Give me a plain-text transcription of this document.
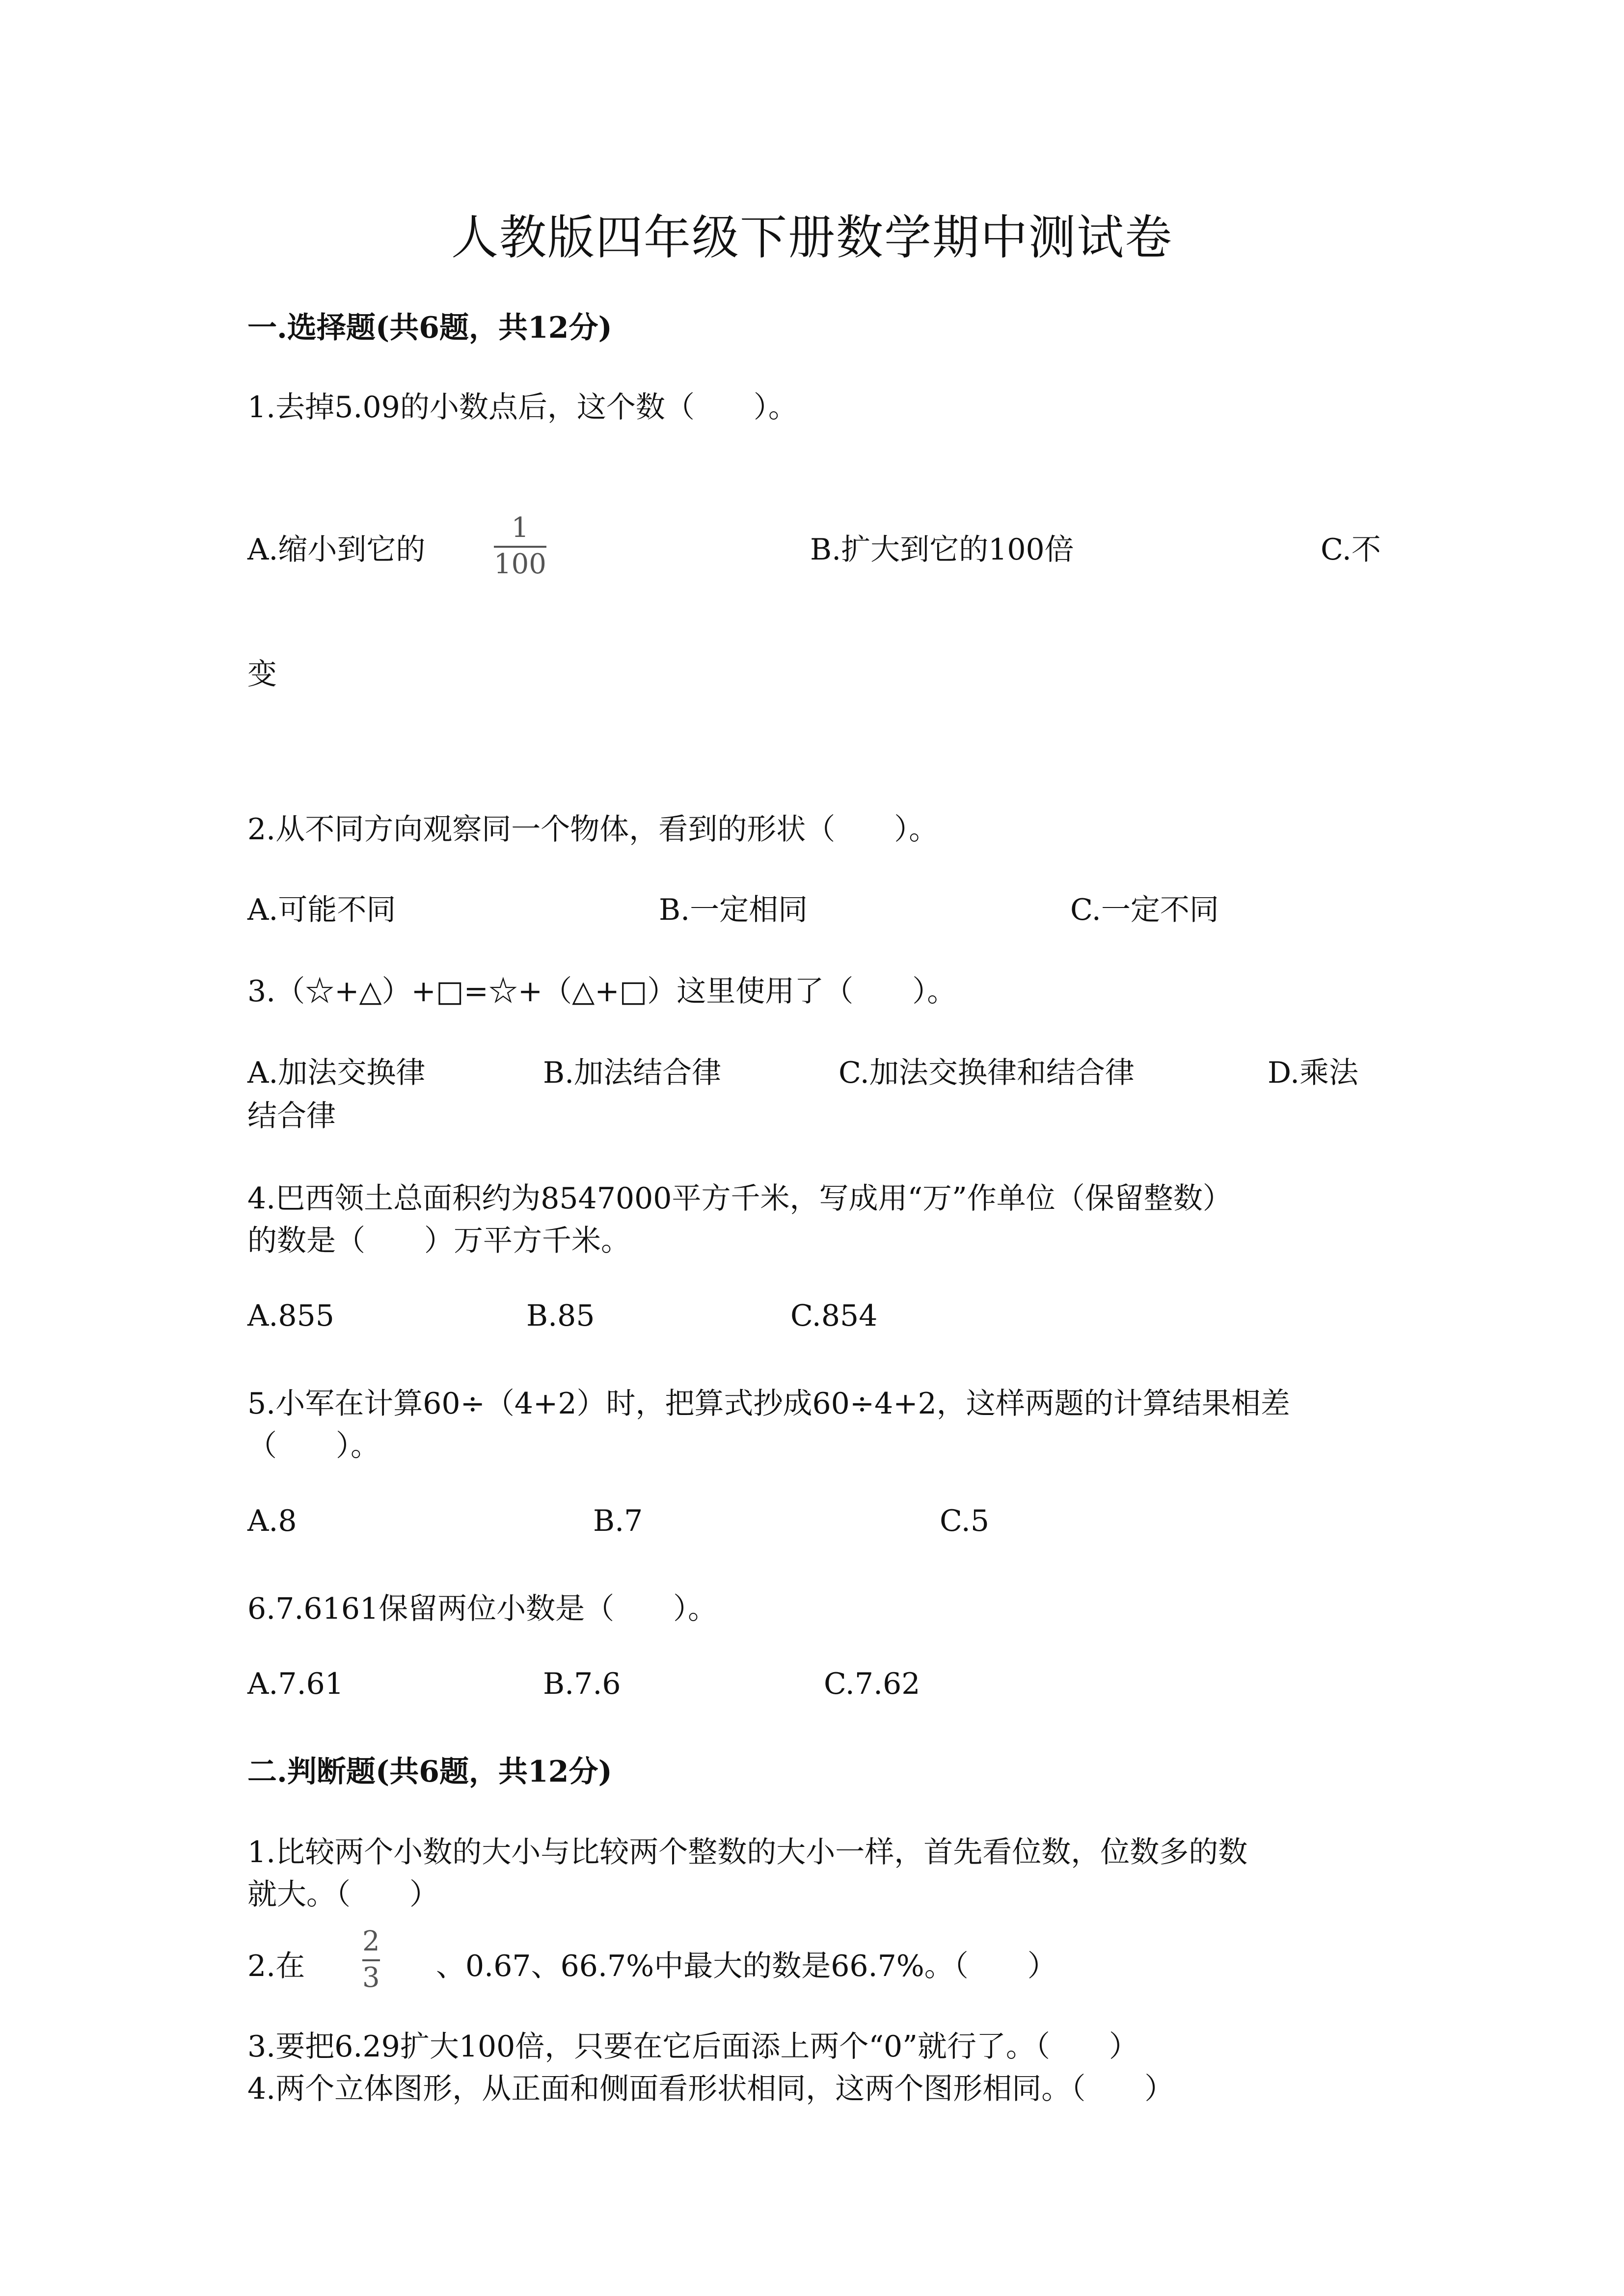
人教版四年级下册数学期中测试卷
一.选择题(共6题，共12分)
1.去掉5.09的小数点后，这个数（　　）。
A.缩小到它的
1
100	B.扩大到它的100倍	C.不
变
2.从不同方向观察同一个物体，看到的形状（　　）。
A.可能不同	B.一定相同	C.一定不同
3.（☆+△）+□=☆+（△+□）这里使用了（　　）。
A.加法交换律	B.加法结合律	C.加法交换律和结合律	D.乘法
结合律
4.巴西领土总面积约为8547000平方千米，写成用“万”作单位（保留整数）
的数是（　　）万平方千米。
A.855	B.85	C.854
5.小军在计算60÷（4+2）时，把算式抄成60÷4+2，这样两题的计算结果相差
（　　）。
A.8	B.7	C.5
6.7.6161保留两位小数是（　　）。
A.7.61	B.7.6	C.7.62
二.判断题(共6题，共12分)
1.比较两个小数的大小与比较两个整数的大小一样，首先看位数，位数多的数
就大。（　　）
2.在
2
3 、0.67、66.7%中最大的数是66.7%。（　　）
3.要把6.29扩大100倍，只要在它后面添上两个“0”就行了。（　　）
4.两个立体图形，从正面和侧面看形状相同，这两个图形相同。（　　）
